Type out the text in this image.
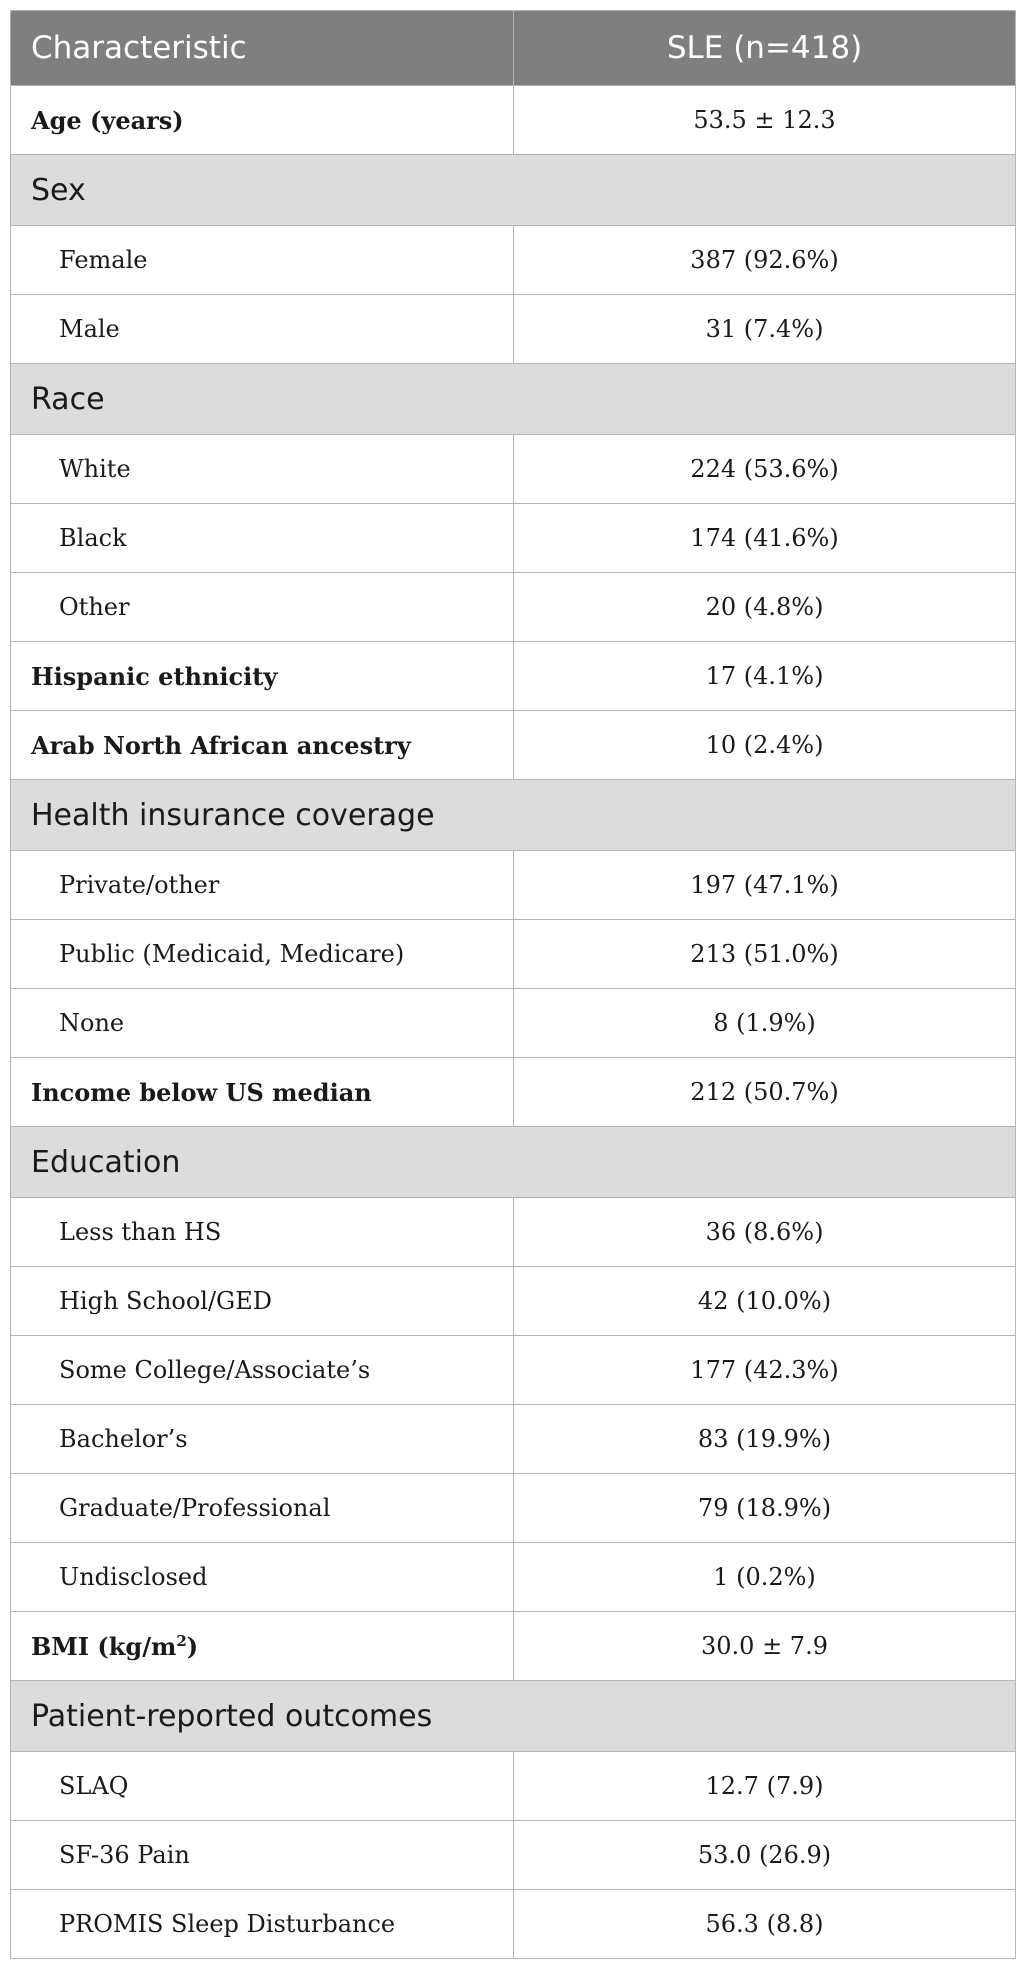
Characteristic	SLE (n=418)
Age (years)	53.5 ± 12.3
Sex	
Female	387 (92.6%)
Male	31 (7.4%)
Race	
White	224 (53.6%)
Black	174 (41.6%)
Other	20 (4.8%)
Hispanic ethnicity	17 (4.1%)
Arab North African ancestry	10 (2.4%)
Health insurance coverage	
Private/other	197 (47.1%)
Public (Medicaid, Medicare)	213 (51.0%)
None	8 (1.9%)
Income below US median	212 (50.7%)
Education	
Less than HS	36 (8.6%)
High School/GED	42 (10.0%)
Some College/Associate’s	177 (42.3%)
Bachelor’s	83 (19.9%)
Graduate/Professional	79 (18.9%)
Undisclosed	1 (0.2%)
BMI $(kg/m^2)$	30.0 ± 7.9
Patient-reported outcomes	
SLAQ	12.7 (7.9)
SF-36 Pain	53.0 (26.9)
PROMIS Sleep Disturbance	56.3 (8.8)
